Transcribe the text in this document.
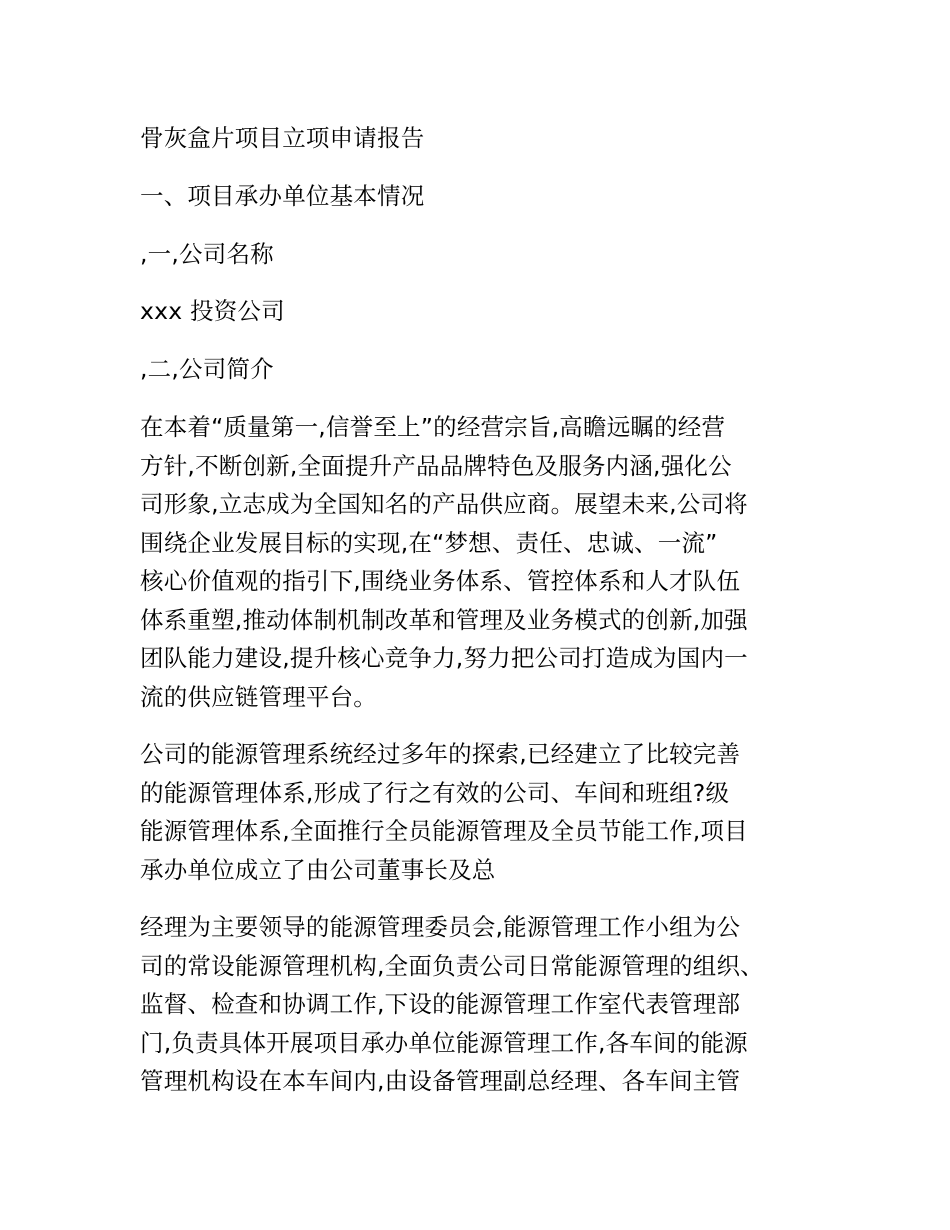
骨灰盒片项目立项申请报告
一、项目承办单位基本情况
,一,公司名称
xxx 投资公司
,二,公司简介
在本着“质量第一,信誉至上”的经营宗旨,高瞻远瞩的经营
方针,不断创新,全面提升产品品牌特色及服务内涵,强化公
司形象,立志成为全国知名的产品供应商。展望未来,公司将
围绕企业发展目标的实现,在“梦想、责任、忠诚、一流”
核心价值观的指引下,围绕业务体系、管控体系和人才队伍
体系重塑,推动体制机制改革和管理及业务模式的创新,加强
团队能力建设,提升核心竞争力,努力把公司打造成为国内一
流的供应链管理平台。
公司的能源管理系统经过多年的探索,已经建立了比较完善
的能源管理体系,形成了行之有效的公司、车间和班组?级
能源管理体系,全面推行全员能源管理及全员节能工作,项目
承办单位成立了由公司董事长及总
经理为主要领导的能源管理委员会,能源管理工作小组为公
司的常设能源管理机构,全面负责公司日常能源管理的组织、
监督、检查和协调工作,下设的能源管理工作室代表管理部
门,负责具体开展项目承办单位能源管理工作,各车间的能源
管理机构设在本车间内,由设备管理副总经理、各车间主管
